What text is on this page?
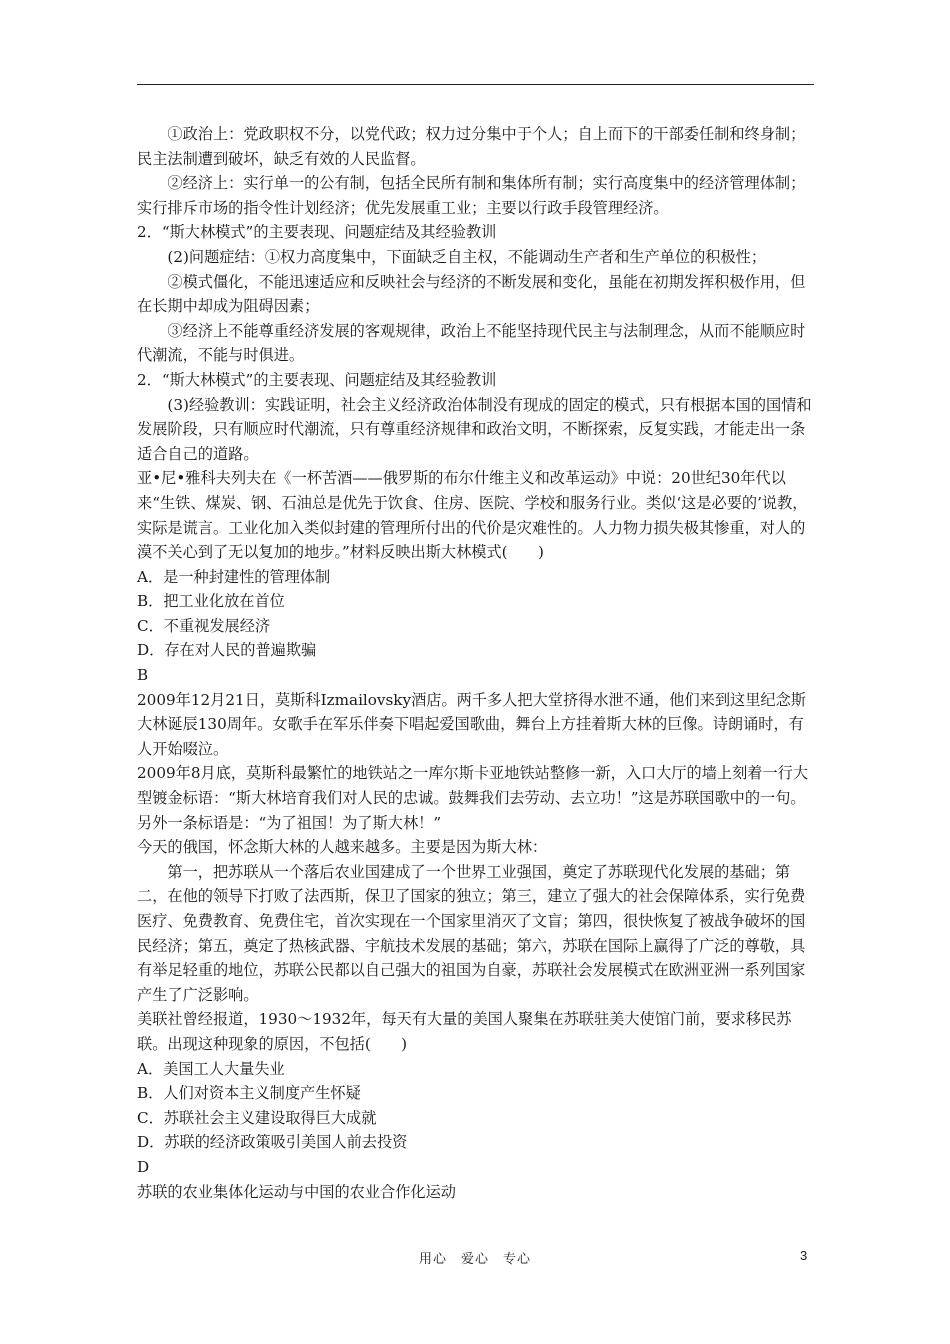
①政治上：党政职权不分，以党代政；权力过分集中于个人；自上而下的干部委任制和终身制；民主法制遭到破坏，缺乏有效的人民监督。

②经济上：实行单一的公有制，包括全民所有制和集体所有制；实行高度集中的经济管理体制；实行排斥市场的指令性计划经济；优先发展重工业；主要以行政手段管理经济。

2．“斯大林模式”的主要表现、问题症结及其经验教训

(2)问题症结：①权力高度集中，下面缺乏自主权，不能调动生产者和生产单位的积极性；

②模式僵化，不能迅速适应和反映社会与经济的不断发展和变化，虽能在初期发挥积极作用，但在长期中却成为阻碍因素；

③经济上不能尊重经济发展的客观规律，政治上不能坚持现代民主与法制理念，从而不能顺应时代潮流，不能与时俱进。

2．“斯大林模式”的主要表现、问题症结及其经验教训

(3)经验教训：实践证明，社会主义经济政治体制没有现成的固定的模式，只有根据本国的国情和发展阶段，只有顺应时代潮流，只有尊重经济规律和政治文明，不断探索，反复实践，才能走出一条适合自己的道路。

亚•尼•雅科夫列夫在《一杯苦酒——俄罗斯的布尔什维主义和改革运动》中说：20世纪30年代以来“生铁、煤炭、钢、石油总是优先于饮食、住房、医院、学校和服务行业。类似‘这是必要的’说教，实际是谎言。工业化加入类似封建的管理所付出的代价是灾难性的。人力物力损失极其惨重，对人的漠不关心到了无以复加的地步。”材料反映出斯大林模式(　　)

A．是一种封建性的管理体制

B．把工业化放在首位

C．不重视发展经济

D．存在对人民的普遍欺骗

B

2009年12月21日，莫斯科Izmailovsky酒店。两千多人把大堂挤得水泄不通，他们来到这里纪念斯大林诞辰130周年。女歌手在军乐伴奏下唱起爱国歌曲，舞台上方挂着斯大林的巨像。诗朗诵时，有人开始啜泣。

2009年8月底，莫斯科最繁忙的地铁站之一库尔斯卡亚地铁站整修一新，入口大厅的墙上刻着一行大型镀金标语：“斯大林培育我们对人民的忠诚。鼓舞我们去劳动、去立功！”这是苏联国歌中的一句。另外一条标语是：“为了祖国！为了斯大林！”

今天的俄国，怀念斯大林的人越来越多。主要是因为斯大林：

第一，把苏联从一个落后农业国建成了一个世界工业强国，奠定了苏联现代化发展的基础；第二，在他的领导下打败了法西斯，保卫了国家的独立；第三，建立了强大的社会保障体系，实行免费医疗、免费教育、免费住宅，首次实现在一个国家里消灭了文盲；第四，很快恢复了被战争破坏的国民经济；第五，奠定了热核武器、宇航技术发展的基础；第六，苏联在国际上赢得了广泛的尊敬，具有举足轻重的地位，苏联公民都以自己强大的祖国为自豪，苏联社会发展模式在欧洲亚洲一系列国家产生了广泛影响。

美联社曾经报道，1930～1932年，每天有大量的美国人聚集在苏联驻美大使馆门前，要求移民苏联。出现这种现象的原因，不包括(　　)

A．美国工人大量失业

B．人们对资本主义制度产生怀疑

C．苏联社会主义建设取得巨大成就

D．苏联的经济政策吸引美国人前去投资

D

苏联的农业集体化运动与中国的农业合作化运动

用心　爱心　专心	3
